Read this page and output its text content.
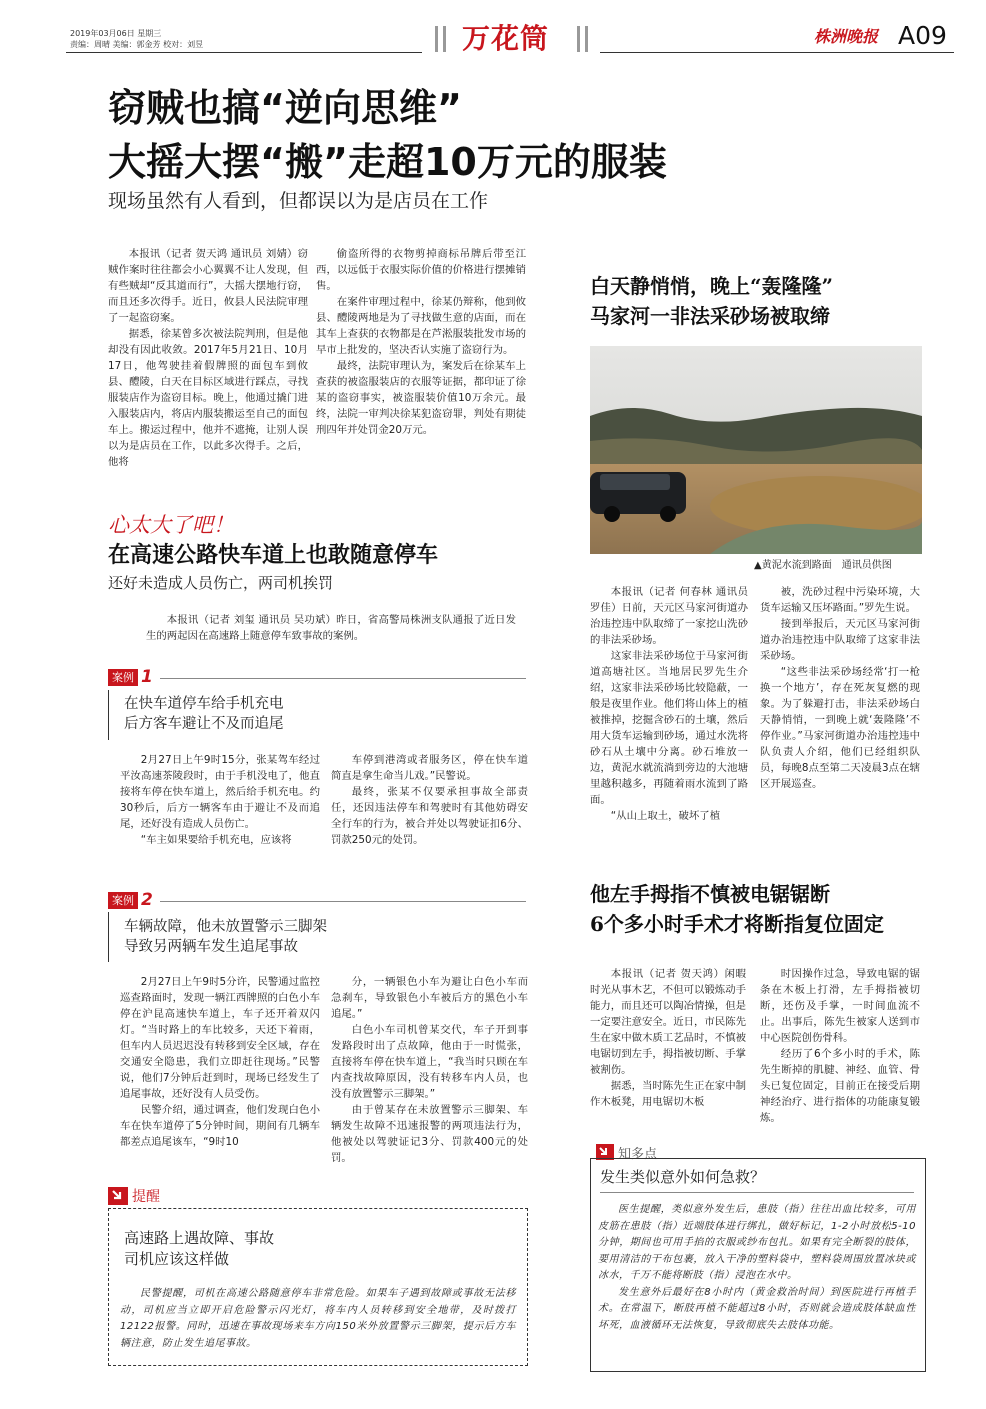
2019年03月06日 星期三
责编：周晴 美编：郭金芳 校对：刘昱	万花筒	株洲晚报 A09
窃贼也搞“逆向思维”
大摇大摆“搬”走超10万元的服装
现场虽然有人看到，但都误以为是店员在工作

本报讯（记者 贺天鸿 通讯员 刘婧）窃贼作案时往往都会小心翼翼不让人发现，但有些贼却“反其道而行”，大摇大摆地行窃，而且还多次得手。近日，攸县人民法院审理了一起盗窃案。

据悉，徐某曾多次被法院判刑，但是他却没有因此收敛。2017年5月21日、10月17日，他驾驶挂着假牌照的面包车到攸县、醴陵，白天在目标区域进行踩点，寻找服装店作为盗窃目标。晚上，他通过撬门进入服装店内，将店内服装搬运至自己的面包车上。搬运过程中，他并不遮掩，让别人误以为是店员在工作，以此多次得手。之后，他将

偷盗所得的衣物剪掉商标吊牌后带至江西，以远低于衣服实际价值的价格进行摆摊销售。

在案件审理过程中，徐某仍辩称，他到攸县、醴陵两地是为了寻找做生意的店面，而在其车上查获的衣物都是在芦淞服装批发市场的早市上批发的，坚决否认实施了盗窃行为。

最终，法院审理认为，案发后在徐某车上查获的被盗服装店的衣服等证据，都印证了徐某的盗窃事实，被盗服装价值10万余元。最终，法院一审判决徐某犯盗窃罪，判处有期徒刑四年并处罚金20万元。

心太大了吧！
在高速公路快车道上也敢随意停车
还好未造成人员伤亡，两司机挨罚

本报讯（记者 刘玺 通讯员 吴功斌）昨日，省高警局株洲支队通报了近日发生的两起因在高速路上随意停车致事故的案例。

案例 1
在快车道停车给手机充电
后方客车避让不及而追尾

2月27日上午9时15分，张某驾车经过平汝高速茶陵段时，由于手机没电了，他直接将车停在快车道上，然后给手机充电。约30秒后，后方一辆客车由于避让不及而追尾，还好没有造成人员伤亡。

“车主如果要给手机充电，应该将

车停到港湾或者服务区，停在快车道简直是拿生命当儿戏。”民警说。

最终，张某不仅要承担事故全部责任，还因违法停车和驾驶时有其他妨碍安全行车的行为，被合并处以驾驶证扣6分、罚款250元的处罚。

案例 2
车辆故障，他未放置警示三脚架
导致另两辆车发生追尾事故

2月27日上午9时5分许，民警通过监控巡查路面时，发现一辆江西牌照的白色小车停在沪昆高速快车道上，车子还开着双闪灯。“当时路上的车比较多，天还下着雨，但车内人员迟迟没有转移到安全区域，存在交通安全隐患，我们立即赶往现场。”民警说，他们7分钟后赶到时，现场已经发生了追尾事故，还好没有人员受伤。

民警介绍，通过调查，他们发现白色小车在快车道停了5分钟时间，期间有几辆车都差点追尾该车，“9时10

分，一辆银色小车为避让白色小车而急刹车，导致银色小车被后方的黑色小车追尾。”

白色小车司机曾某交代，车子开到事发路段时出了点故障，他由于一时慌张，直接将车停在快车道上，“我当时只顾在车内查找故障原因，没有转移车内人员，也没有放置警示三脚架。”

由于曾某存在未放置警示三脚架、车辆发生故障不迅速报警的两项违法行为，他被处以驾驶证记3分、罚款400元的处罚。

提醒
高速路上遇故障、事故
司机应该这样做

民警提醒，司机在高速公路随意停车非常危险。如果车子遇到故障或事故无法移动，司机应当立即开启危险警示闪光灯，将车内人员转移到安全地带，及时拨打12122报警。同时，迅速在事故现场来车方向150米外放置警示三脚架，提示后方车辆注意，防止发生追尾事故。

白天静悄悄，晚上“轰隆隆”
马家河一非法采砂场被取缔
▲黄泥水流到路面　通讯员供图

本报讯（记者 何春林 通讯员 罗佳）日前，天元区马家河街道办治违控违中队取缔了一家挖山洗砂的非法采砂场。

这家非法采砂场位于马家河街道高塘社区。当地居民罗先生介绍，这家非法采砂场比较隐蔽，一般是夜里作业。他们将山体上的植被推掉，挖掘含砂石的土壤，然后用大货车运输到砂场，通过水洗将砂石从土壤中分离。砂石堆放一边，黄泥水就流淌到旁边的大池塘里越积越多，再随着雨水流到了路面。

“从山上取土，破坏了植

被，洗砂过程中污染环境，大货车运输又压坏路面。”罗先生说。

接到举报后，天元区马家河街道办治违控违中队取缔了这家非法采砂场。

“这些非法采砂场经常‘打一枪换一个地方’，存在死灰复燃的现象。为了躲避打击，非法采砂场白天静悄悄，一到晚上就‘轰隆隆’不停作业。”马家河街道办治违控违中队负责人介绍，他们已经组织队员，每晚8点至第二天凌晨3点在辖区开展巡查。

他左手拇指不慎被电锯锯断
6个多小时手术才将断指复位固定

本报讯（记者 贺天鸿）闲暇时光从事木艺，不但可以锻炼动手能力，而且还可以陶冶情操，但是一定要注意安全。近日，市民陈先生在家中做木质工艺品时，不慎被电锯切到左手，拇指被切断、手掌被割伤。

据悉，当时陈先生正在家中制作木板凳，用电锯切木板

时因操作过急，导致电锯的锯条在木板上打滑，左手拇指被切断，还伤及手掌，一时间血流不止。出事后，陈先生被家人送到市中心医院创伤骨科。

经历了6个多小时的手术，陈先生断掉的肌腱、神经、血管、骨头已复位固定，目前正在接受后期神经治疗、进行指体的功能康复锻炼。

知多点
发生类似意外如何急救？

医生提醒，类似意外发生后，患肢（指）往往出血比较多，可用皮筋在患肢（指）近端肢体进行绑扎，做好标记，1-2小时放松5-10分钟，期间也可用手掐的衣服或纱布包扎。如果有完全断裂的肢体，要用清洁的干布包裹，放入干净的塑料袋中，塑料袋周围放置冰块或冰水，千万不能将断肢（指）浸泡在水中。

发生意外后最好在8小时内（黄金救治时间）到医院进行再植手术。在常温下，断肢再植不能超过8小时，否则就会造成肢体缺血性坏死，血液循环无法恢复，导致彻底失去肢体功能。
